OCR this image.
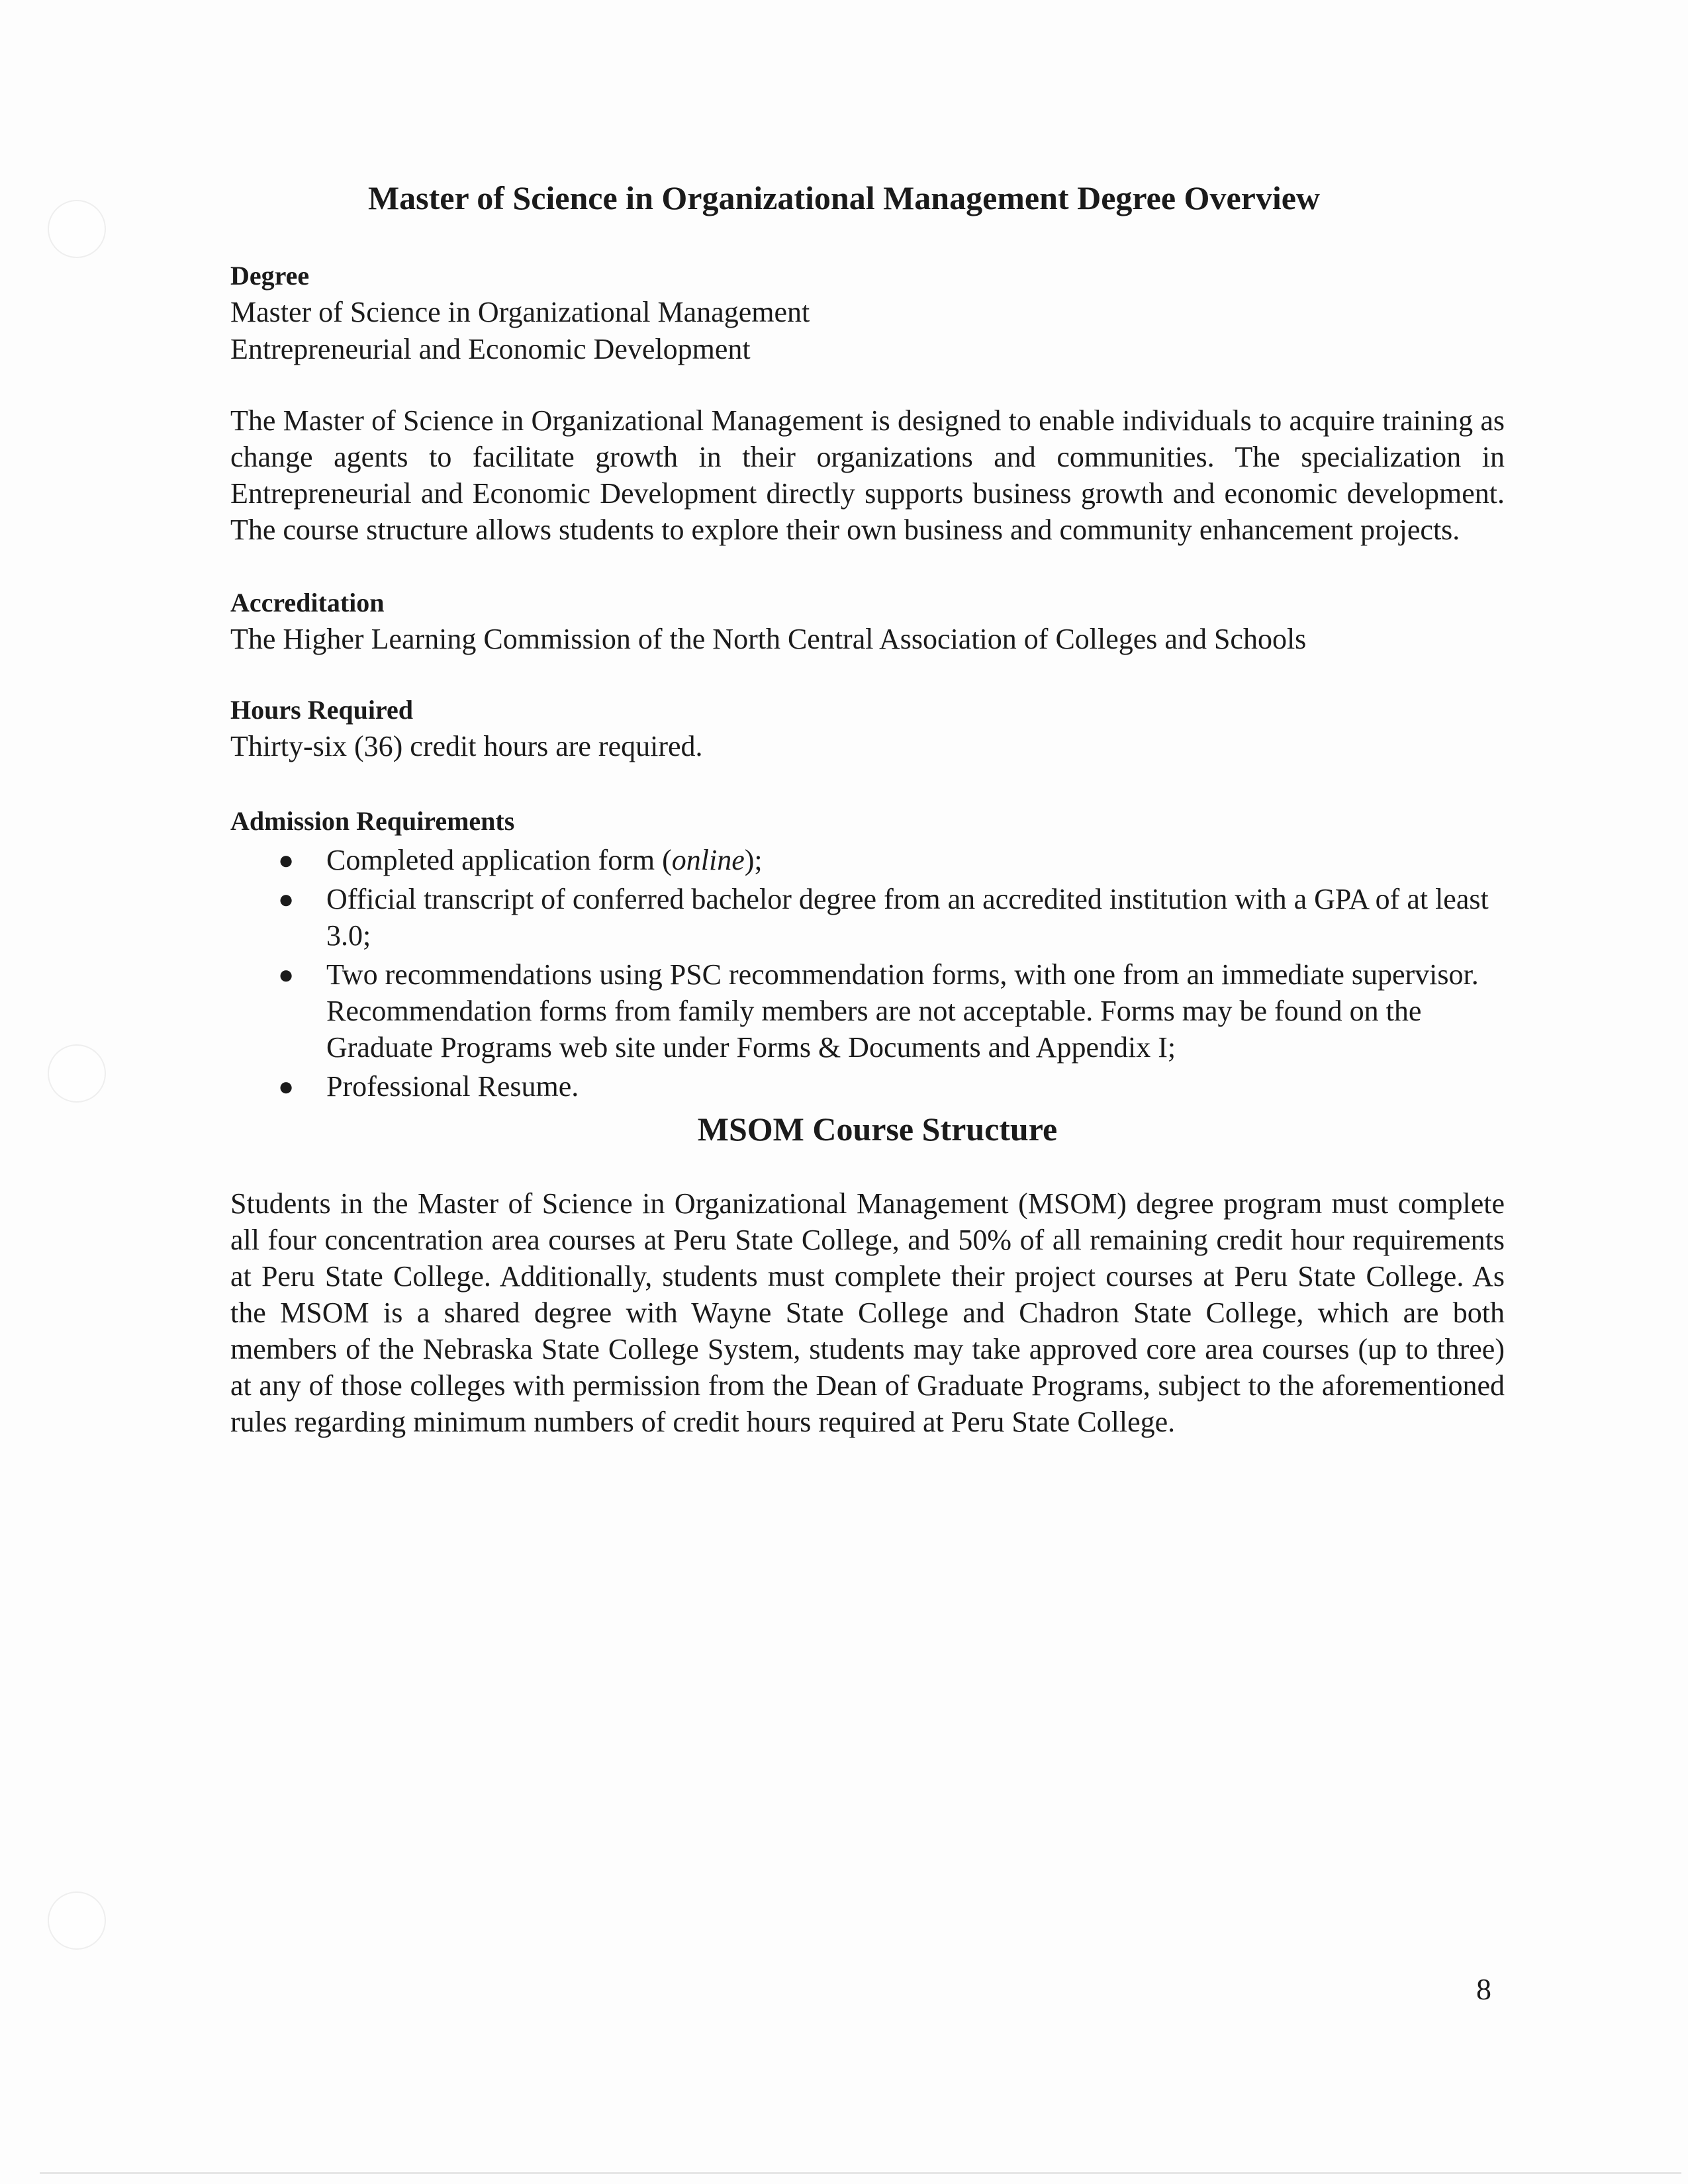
Master of Science in Organizational Management Degree Overview

Degree

Master of Science in Organizational Management

Entrepreneurial and Economic Development

The Master of Science in Organizational Management is designed to enable individuals to acquire training as change agents to facilitate growth in their organizations and communities. The specialization in Entrepreneurial and Economic Development directly supports business growth and economic development. The course structure allows students to explore their own business and community enhancement projects.

Accreditation

The Higher Learning Commission of the North Central Association of Colleges and Schools

Hours Required

Thirty-six (36) credit hours are required.

Admission Requirements

● Completed application form (online);
● Official transcript of conferred bachelor degree from an accredited institution with a GPA of at least 3.0;
● Two recommendations using PSC recommendation forms, with one from an immediate supervisor. Recommendation forms from family members are not acceptable. Forms may be found on the Graduate Programs web site under Forms & Documents and Appendix I;
● Professional Resume.
MSOM Course Structure

Students in the Master of Science in Organizational Management (MSOM) degree program must complete all four concentration area courses at Peru State College, and 50% of all remaining credit hour requirements at Peru State College. Additionally, students must complete their project courses at Peru State College. As the MSOM is a shared degree with Wayne State College and Chadron State College, which are both members of the Nebraska State College System, students may take approved core area courses (up to three) at any of those colleges with permission from the Dean of Graduate Programs, subject to the aforementioned rules regarding minimum numbers of credit hours required at Peru State College.

8
